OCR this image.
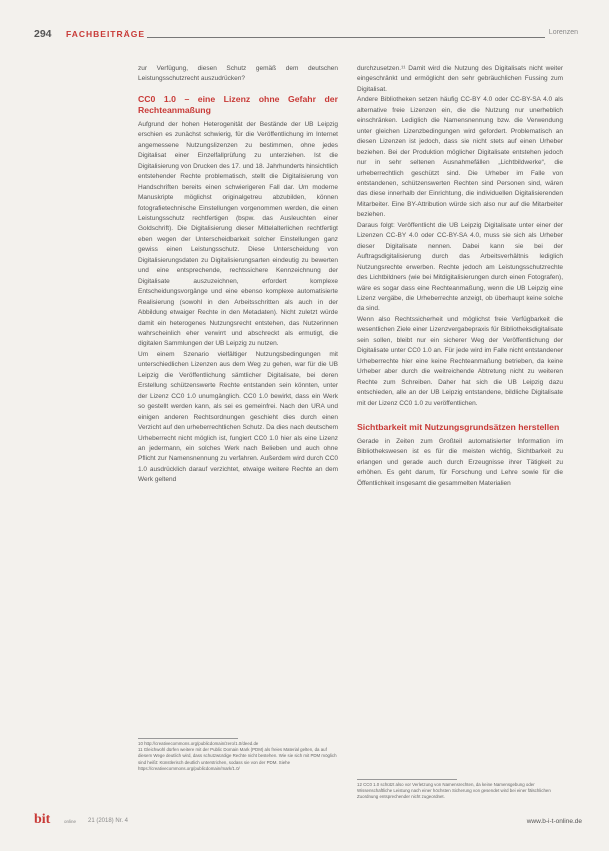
294 FACHBEITRÄGE	Lorenzen

zur Verfügung, diesen Schutz gemäß dem deutschen Leistungsschutzrecht auszudrücken?

CC0 1.0 – eine Lizenz ohne Gefahr der Rechteanmaßung

Aufgrund der hohen Heterogenität der Bestände der UB Leipzig erschien es zunächst schwierig, für die Veröffentlichung im Internet angemessene Nutzungslizenzen zu bestimmen, ohne jedes Digitalisat einer Einzelfallprüfung zu unterziehen. Ist die Digitalisierung von Drucken des 17. und 18. Jahrhunderts hinsichtlich entstehender Rechte problematisch, stellt die Digitalisierung von Handschriften bereits einen schwierigeren Fall dar. Um moderne Manuskripte möglichst originalgetreu abzubilden, können fotografietechnische Einstellungen vorgenommen werden, die einen Leistungsschutz rechtfertigen (bspw. das Ausleuchten einer Goldschrift). Die Digitalisierung dieser Mittelalterlichen rechtfertigt eben wegen der Unterscheidbarkeit solcher Einstellungen ganz gewiss einen Leistungsschutz. Diese Unterscheidung von Digitalisierungsdaten zu Digitalisierungsarten eindeutig zu bewerten und eine entsprechende, rechtssichere Kennzeichnung der Digitalisate auszuzeichnen, erfordert komplexe Entscheidungsvorgänge und eine ebenso komplexe automatisierte Realisierung (sowohl in den Arbeitsschritten als auch in der Abbildung etwaiger Rechte in den Metadaten). Nicht zuletzt würde damit ein heterogenes Nutzungsrecht entstehen, das Nutzerinnen wahrscheinlich eher verwirrt und abschreckt als ermutigt, die digitalen Sammlungen der UB Leipzig zu nutzen.

Um einem Szenario vielfältiger Nutzungsbedingungen mit unterschiedlichen Lizenzen aus dem Weg zu gehen, war für die UB Leipzig die Veröffentlichung sämtlicher Digitalisate, bei deren Erstellung schützenswerte Rechte entstanden sein könnten, unter der Lizenz CC0 1.0 unumgänglich. CC0 1.0 bewirkt, dass ein Werk so gestellt werden kann, als sei es gemeinfrei. Nach den URA und einigen anderen Rechtsordnungen geschieht dies durch einen Verzicht auf den urheberrechtlichen Schutz. Da dies nach deutschem Urheberrecht nicht möglich ist, fungiert CC0 1.0 hier als eine Lizenz an jedermann, ein solches Werk nach Belieben und auch ohne Pflicht zur Namensnennung zu verfahren. Außerdem wird durch CC0 1.0 ausdrücklich darauf verzichtet, etwaige weitere Rechte an dem Werk geltend

10 http://creativecommons.org/publicdomain/zero/1.0/deed.de
11 Gleichwohl dürfen weitere mit der Public Domain Mark (PDM) als freies Material gelten, da auf diesem Wege deutlich wird, dass schutzwürdige Rechte nicht bestehen. Wie sie sich mit PDM möglich sind heißt: Künstlerisch deutlich unterstrichen, sodass sie von der PDM. Siehe https://creativecommons.org/publicdomain/mark/1.0/

durchzusetzen.¹¹ Damit wird die Nutzung des Digitalisats nicht weiter eingeschränkt und ermöglicht den sehr gebräuchlichen Fussing zum Digitalisat.

Andere Bibliotheken setzen häufig CC-BY 4.0 oder CC-BY-SA 4.0 als alternative freie Lizenzen ein, die die Nutzung nur unerheblich einschränken. Lediglich die Namensnennung bzw. die Verwendung unter gleichen Lizenzbedingungen wird gefordert. Problematisch an diesen Lizenzen ist jedoch, dass sie nicht stets auf einen Urheber beziehen. Bei der Produktion möglicher Digitalisate entstehen jedoch nur in sehr seltenen Ausnahmefällen „Lichtbildwerke“, die urheberrechtlich geschützt sind. Die Urheber im Falle von entstandenen, schützenswerten Rechten sind Personen sind, wären das diese innerhalb der Einrichtung, die individuellen Digitalisierenden Mitarbeiter. Eine BY-Attribution würde sich also nur auf die Mitarbeiter beziehen.

Daraus folgt: Veröffentlicht die UB Leipzig Digitalisate unter einer der Lizenzen CC-BY 4.0 oder CC-BY-SA 4.0, muss sie sich als Urheber dieser Digitalisate nennen. Dabei kann sie bei der Auftragsdigitalisierung durch das Arbeitsverhältnis lediglich Nutzungsrechte erwerben. Rechte jedoch am Leistungsschutzrechte des Lichtbildners (wie bei Mitdigitalisierungen durch einen Fotografen), wäre es sogar dass eine Rechteanmaßung, wenn die UB Leipzig eine Lizenz vergäbe, die Urheberrechte anzeigt, ob überhaupt keine solche da sind.

Wenn also Rechtssicherheit und möglichst freie Verfügbarkeit die wesentlichen Ziele einer Lizenzvergabepraxis für Bibliotheksdigitalisate sein sollen, bleibt nur ein sicherer Weg der Veröffentlichung der Digitalisate unter CC0 1.0 an. Für jede wird im Falle nicht entstandener Urheberrechte hier eine keine Rechteanmaßung betrieben, da keine Urheber aber durch die weitreichende Abtretung nicht zu weiteren Rechte zum Schreiben. Daher hat sich die UB Leipzig dazu entschieden, alle an der UB Leipzig entstandene, bildliche Digitalisate mit der Lizenz CC0 1.0 zu veröffentlichen.

Sichtbarkeit mit Nutzungsgrundsätzen herstellen

Gerade in Zeiten zum Großteil automatisierter Information im Bibliothekswesen ist es für die meisten wichtig, Sichtbarkeit zu erlangen und gerade auch durch Erzeugnisse ihrer Tätigkeit zu erhöhen. Es geht darum, für Forschung und Lehre sowie für die Öffentlichkeit insgesamt die gesammelten Materialien

12 CC0 1.0 schützt also vor Verletzung von Namensrechten, da keine Namensgebung oder Wissenschaftliche Leistung nach einer höchsten Sicherung von gesendet wird bei einer fälschlichen Zuordnung entsprechender nicht zugeordnet.
bit	online 21 (2018) Nr. 4	www.b-i-t-online.de
